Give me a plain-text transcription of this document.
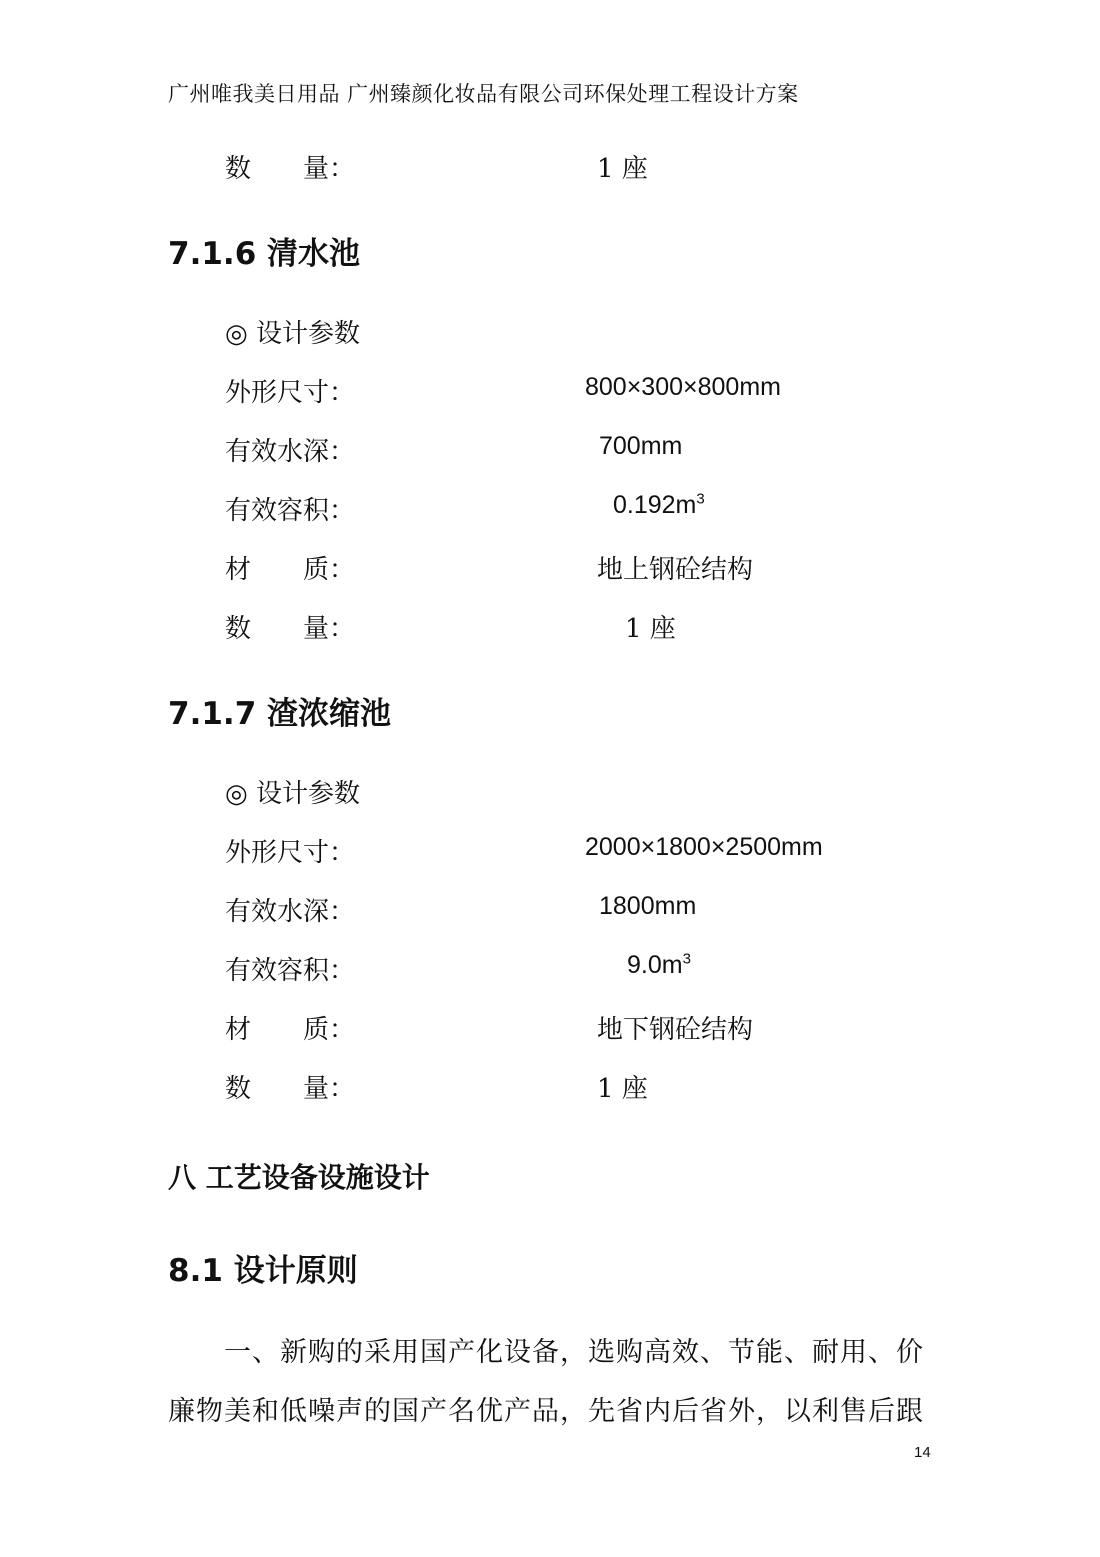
广州唯我美日用品 广州臻颜化妆品有限公司环保处理工程设计方案
数　　量：	1 座
7.1.6 清水池
◎ 设计参数
外形尺寸：	800×300×800mm
有效水深：	700mm
有效容积：	$0.192m^3$
材　　质：	地上钢砼结构
数　　量：	1 座
7.1.7 渣浓缩池
◎ 设计参数
外形尺寸：	2000×1800×2500mm
有效水深：	1800mm
有效容积：	$9.0m^3$
材　　质：	地下钢砼结构
数　　量：	1 座
八 工艺设备设施设计
8.1 设计原则
一、新购的采用国产化设备，选购高效、节能、耐用、价
廉物美和低噪声的国产名优产品，先省内后省外，以利售后跟
14
